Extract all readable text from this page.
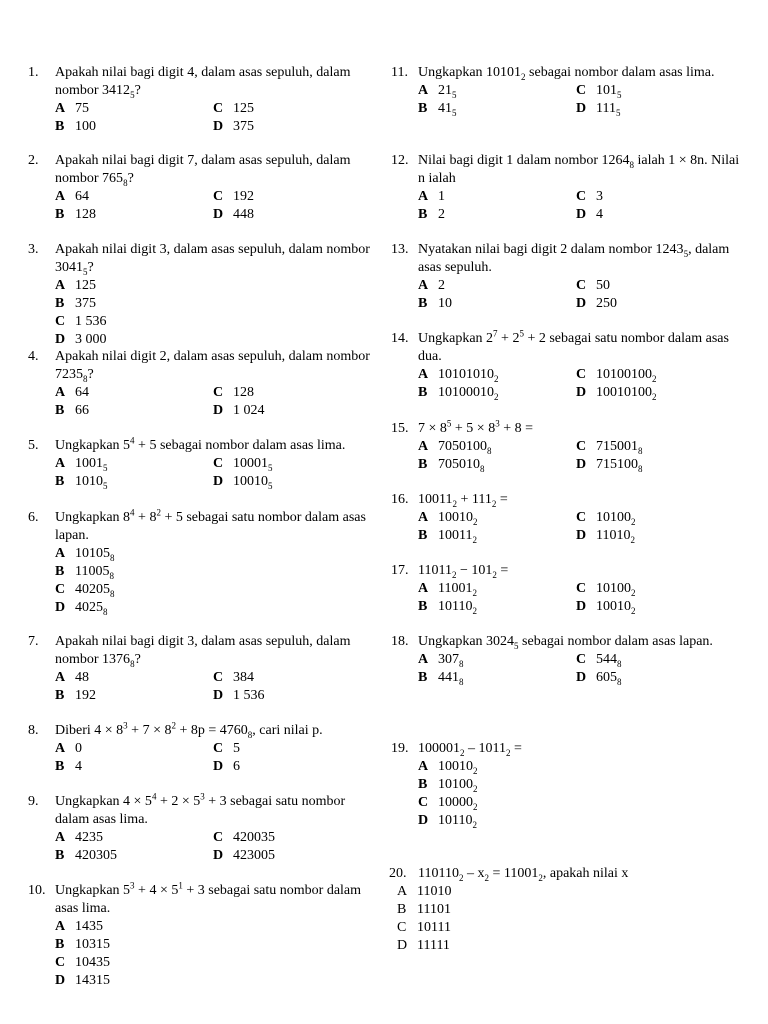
1. Apakah nilai bagi digit 4, dalam asas sepuluh, dalam nombor $3412_5$?
A 75	C 125
B 100	D 375
2. Apakah nilai bagi digit 7, dalam asas sepuluh, dalam nombor $765_8$?
A 64	C 192
B 128	D 448
3. Apakah nilai digit 3, dalam asas sepuluh, dalam nombor $3041_5$?
A 125
B 375
C 1 536
D 3 000
4. Apakah nilai digit 2, dalam asas sepuluh, dalam nombor $7235_8$?
A 64	C 128
B 66	D 1 024
5. Ungkapkan $5^4 + 5$ sebagai nombor dalam asas lima.
A $1001_5$	C $10001_5$
B $1010_5$	D $10010_5$
6. Ungkapkan $8^4 + 8^2 + 5$ sebagai satu nombor dalam asas lapan.
A $10105_8$
B $11005_8$
C $40205_8$
D $4025_8$
7. Apakah nilai bagi digit 3, dalam asas sepuluh, dalam nombor $1376_8$?
A 48	C 384
B 192	D 1 536
8. Diberi $4 \times 8^3 + 7 \times 8^2 + 8p = 4760_8$, cari nilai p.
A 0	C 5
B 4	D 6
9. Ungkapkan $4 \times 5^4 + 2 \times 5^3 + 3$ sebagai satu nombor dalam asas lima.
A 4235	C 420035
B 420305	D 423005
10. Ungkapkan $5^3 + 4 \times 5^1 + 3$ sebagai satu nombor dalam asas lima.
A 1435
B 10315
C 10435
D 14315
11. Ungkapkan $10101_2$ sebagai nombor dalam asas lima.
A $21_5$	C $101_5$
B $41_5$	D $111_5$
12. Nilai bagi digit 1 dalam nombor $1264_8$ ialah 1 × 8n. Nilai n ialah
A 1	C 3
B 2	D 4
13. Nyatakan nilai bagi digit 2 dalam nombor $1243_5$, dalam asas sepuluh.
A 2	C 50
B 10	D 250
14. Ungkapkan $2^7 + 2^5 + 2$ sebagai satu nombor dalam asas dua.
A $10101010_2$	C $10100100_2$
B $10100010_2$	D $10010100_2$
15. $7 \times 8^5 + 5 \times 8^3 + 8$ =
A $7050100_8$	C $715001_8$
B $705010_8$	D $715100_8$
16. $10011_2 + 111_2$ =
A $10010_2$	C $10100_2$
B $10011_2$	D $11010_2$
17. $11011_2 - 101_2$ =
A $11001_2$	C $10100_2$
B $10110_2$	D $10010_2$
18. Ungkapkan $3024_5$ sebagai nombor dalam asas lapan.
A $307_8$	C $544_8$
B $441_8$	D $605_8$
19. $100001_2 - 1011_2$ =
A $10010_2$
B $10100_2$
C $10000_2$
D $10110_2$
20. $110110_2 - x_2 = 11001_2$, apakah nilai x
A 11010
B 11101
C 10111
D 11111
